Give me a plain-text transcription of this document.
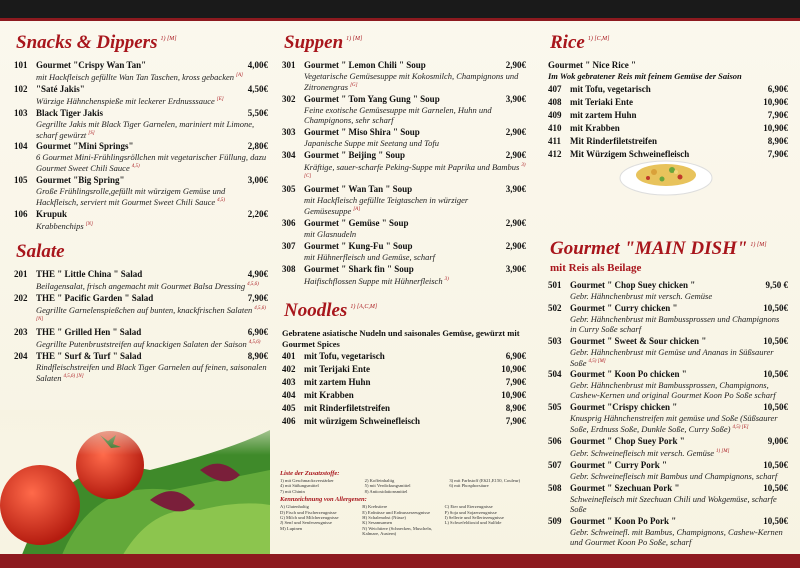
Snacks & Dippers $^{1) [M]}$
101 Gourmet "Crispy Wan Tan"	4,00€
mit Hackfleisch gefüllte Wan Tan Taschen, kross gebacken [A]
102 "Saté Jakis"	4,50€
Würzige Hähnchenspieße mit leckerer Erdnusssauce [E]
103 Black Tiger Jakis	5,50€
Gegrillte Jakis mit Black Tiger Garnelen, mariniert mit Limone, scharf gewürzt [S]
104 Gourmet "Mini Springs"	2,80€
6 Gourmet Mini-Frühlingsröllchen mit vegetarischer Füllung, dazu Gourmet Sweet Chili Sauce $^{4,5)}$
105 Gourmet "Big Spring"	3,00€
Große Frühlingsrolle,gefüllt mit würzigem Gemüse und Hackfleisch, serviert mit Gourmet Sweet Chili Sauce $^{4,5)}$
106 Krupuk	2,20€
Krabbenchips [N]
Salate
201 THE " Little China " Salad	4,90€
Beilagensalat, frisch angemacht mit Gourmet Balsa Dressing $^{4,5,6)}$
202 THE " Pacific Garden " Salad	7,90€
Gegrillte Garnelenspießchen auf bunten, knackfrischen Salaten $^{4,5,6) [N]}$
203 THE " Grilled Hen " Salad	6,90€
Gegrillte Putenbruststreifen auf knackigen Salaten der Saison $^{4,5,6)}$
204 THE " Surf & Turf " Salad	8,90€
Rindfleischstreifen und Black Tiger Garnelen auf feinen, saisonalen Salaten $^{4,5,6) [N]}$
Suppen $^{1) [M]}$
301 Gourmet " Lemon Chili " Soup	2,90€
Vegetarische Gemüsesuppe mit Kokosmilch, Champignons und Zitronengras [G]
302 Gourmet " Tom Yang Gung " Soup	3,90€
Feine exotische Gemüsesuppe mit Garnelen, Huhn und Champignons, sehr scharf
303 Gourmet " Miso Shira " Soup	2,90€
Japanische Suppe mit Seetang und Tofu
304 Gourmet " Beijing " Soup	2,90€
Kräftige, sauer-scharfe Peking-Suppe mit Paprika und Bambus $^{3) [C]}$
305 Gourmet " Wan Tan " Soup	3,90€
mit Hackfleisch gefüllte Teigtaschen in würziger Gemüsesuppe [A]
306 Gourmet " Gemüse " Soup	2,90€
mit Glasnudeln
307 Gourmet " Kung-Fu " Soup	2,90€
mit Hühnerfleisch und Gemüse, scharf
308 Gourmet " Shark fin " Soup	3,90€
Haifischflossen Suppe mit Hühnerfleisch $^{3)}$
Noodles $^{1) [A,C,M]}$
Gebratene asiatische Nudeln und saisonales Gemüse, gewürzt mit Gourmet Spices
401 mit Tofu, vegetarisch	6,90€
402 mit Terijaki Ente	10,90€
403 mit zartem Huhn	7,90€
404 mit Krabben	10,90€
405 mit Rinderfiletstreifen	8,90€
406 mit würzigem Schweinefleisch	7,90€
Rice $^{1) [C,M]}$
Gourmet " Nice Rice "
Im Wok gebratener Reis mit feinem Gemüse der Saison
407 mit Tofu, vegetarisch	6,90€
408 mit Teriaki Ente	10,90€
409 mit zartem Huhn	7,90€
410 mit Krabben	10,90€
411 Mit Rinderfiletstreifen	8,90€
412 Mit Würzigem Schweinefleisch	7,90€
Gourmet "MAIN DISH" $^{1) [M]}$
mit Reis als Beilage
501 Gourmet " Chop Suey chicken "	9,50 €
Gebr. Hähnchenbrust mit versch. Gemüse
502 Gourmet " Curry chicken "	10,50€
Gebr. Hähnchenbrust mit Bambussprossen und Champignons in Curry Soße scharf
503 Gourmet " Sweet & Sour chicken "	10,50€
Gebr. Hähnchenbrust mit Gemüse und Ananas in Süßsaurer Soße $^{4,5) [M]}$
504 Gourmet " Koon Po chicken "	10,50€
Gebr. Hähnchenbrust mit Bambussprossen, Champignons, Cashew-Kernen und original Gourmet Koon Po Soße scharf
505 Gourmet "Crispy chicken "	10,50€
Knusprig Hähnchenstreifen mit gemüse und Soße (Süßsaurer Soße, Erdnuss Soße, Dunkle Soße, Curry Soße) $^{4,5) [E]}$
506 Gourmet " Chop Suey Pork "	9,00€
Gebr. Schweinefleisch mit versch. Gemüse $^{1) [M]}$
507 Gourmet " Curry Pork "	10,50€
Gebr. Schweinefleisch mit Bambus und Champignons, scharf
508 Gourmet " Szechuan Pork "	10,50€
Schweinefleisch mit Szechuan Chili und Wokgemüse, scharfe Soße
509 Gourmet " Koon Po Pork "	10,50€
Gebr. Schweinefl. mit Bambus, Champignons, Cashew-Kernen und Gourmet Koon Po Soße, scharf
Liste der Zusatzstoffe:
1) mit Geschmacksverstärker	2) Koffeinhaltig	3) mit Farbstoff (E621,E150, Couleur)
4) mit Süßungsmittel	5) mit Verdickungsmittel	6) mit Phosphorsäure
7) mit Chinin	8) Antioxidationsmittel
Kennzeichnung von Allergenen:
A) Glutenhaltig	B) Krebstiere	C) Eier und Eierzeugnisse
D) Fisch und Fischerzeugnisse	E) Erdnüsse und Erdnusserzeugnisse	F) Soja und Sojaerzeugnisse
G) Milch und Milcherzeugnisse	H) Schalenobst (Nüsse)	I) Sellerie und Selleriezeugnisse
J) Senf und Senferzeugnisse	K) Sesamsamen	L) Schwefeldioxid und Sulfide
M) Lupinen	N) Weichtiere (Schnecken, Muscheln, Kalmare, Austern)
